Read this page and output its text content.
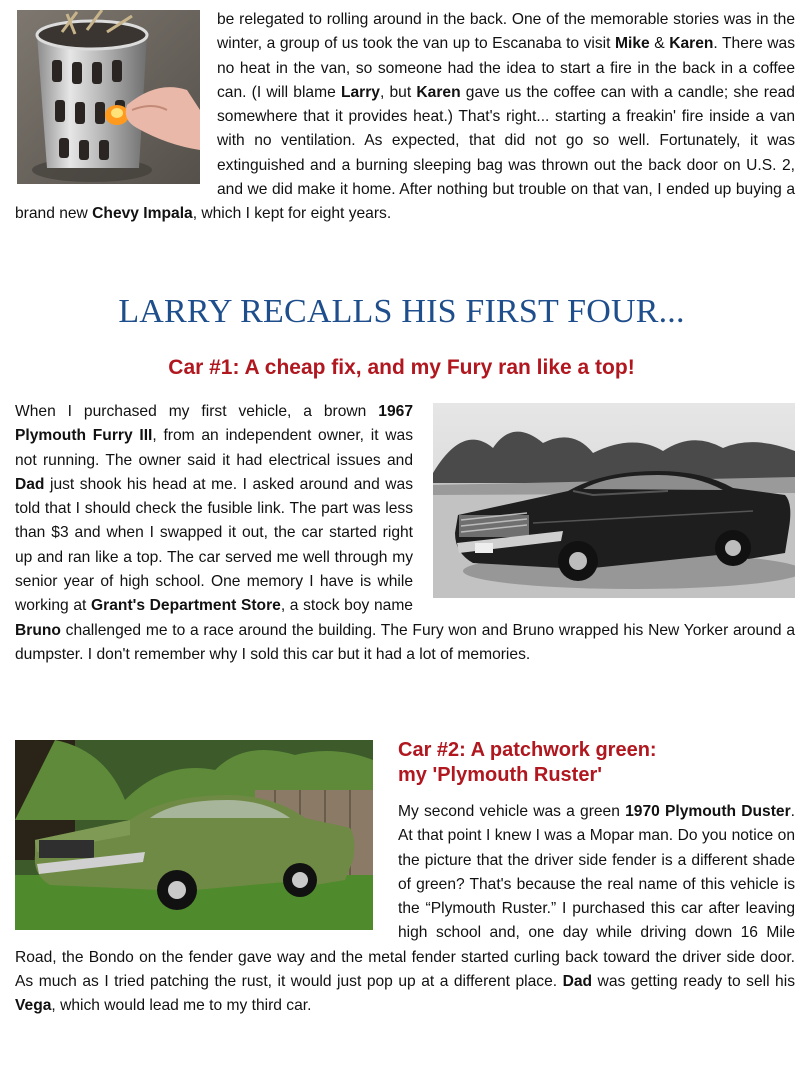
be relegated to rolling around in the back. One of the memorable stories was in the winter, a group of us took the van up to Escanaba to visit Mike & Karen. There was no heat in the van, so someone had the idea to start a fire in the back in a coffee can. (I will blame Larry, but Karen gave us the coffee can with a candle; she read somewhere that it provides heat.) That's right... starting a freakin' fire inside a van with no ventilation. As expected, that did not go so well. Fortunately, it was extinguished and a burning sleeping bag was thrown out the back door on U.S. 2, and we did make it home. After nothing but trouble on that van, I ended up buying a brand new Chevy Impala, which I kept for eight years.

LARRY RECALLS HIS FIRST FOUR...
Car #1: A cheap fix, and my Fury ran like a top!

When I purchased my first vehicle, a brown 1967 Plymouth Furry III, from an independent owner, it was not running. The owner said it had electrical issues and Dad just shook his head at me. I asked around and was told that I should check the fusible link. The part was less than $3 and when I swapped it out, the car started right up and ran like a top. The car served me well through my senior year of high school. One memory I have is while working at Grant's Department Store, a stock boy name Bruno challenged me to a race around the building. The Fury won and Bruno wrapped his New Yorker around a dumpster. I don't remember why I sold this car but it had a lot of memories.

Car #2: A patchwork green:
my 'Plymouth Ruster'

My second vehicle was a green 1970 Plymouth Duster. At that point I knew I was a Mopar man. Do you notice on the picture that the driver side fender is a different shade of green? That's because the real name of this vehicle is the “Plymouth Ruster.” I purchased this car after leaving high school and, one day while driving down 16 Mile Road, the Bondo on the fender gave way and the metal fender started curling back toward the driver side door. As much as I tried patching the rust, it would just pop up at a different place. Dad was getting ready to sell his Vega, which would lead me to my third car.
